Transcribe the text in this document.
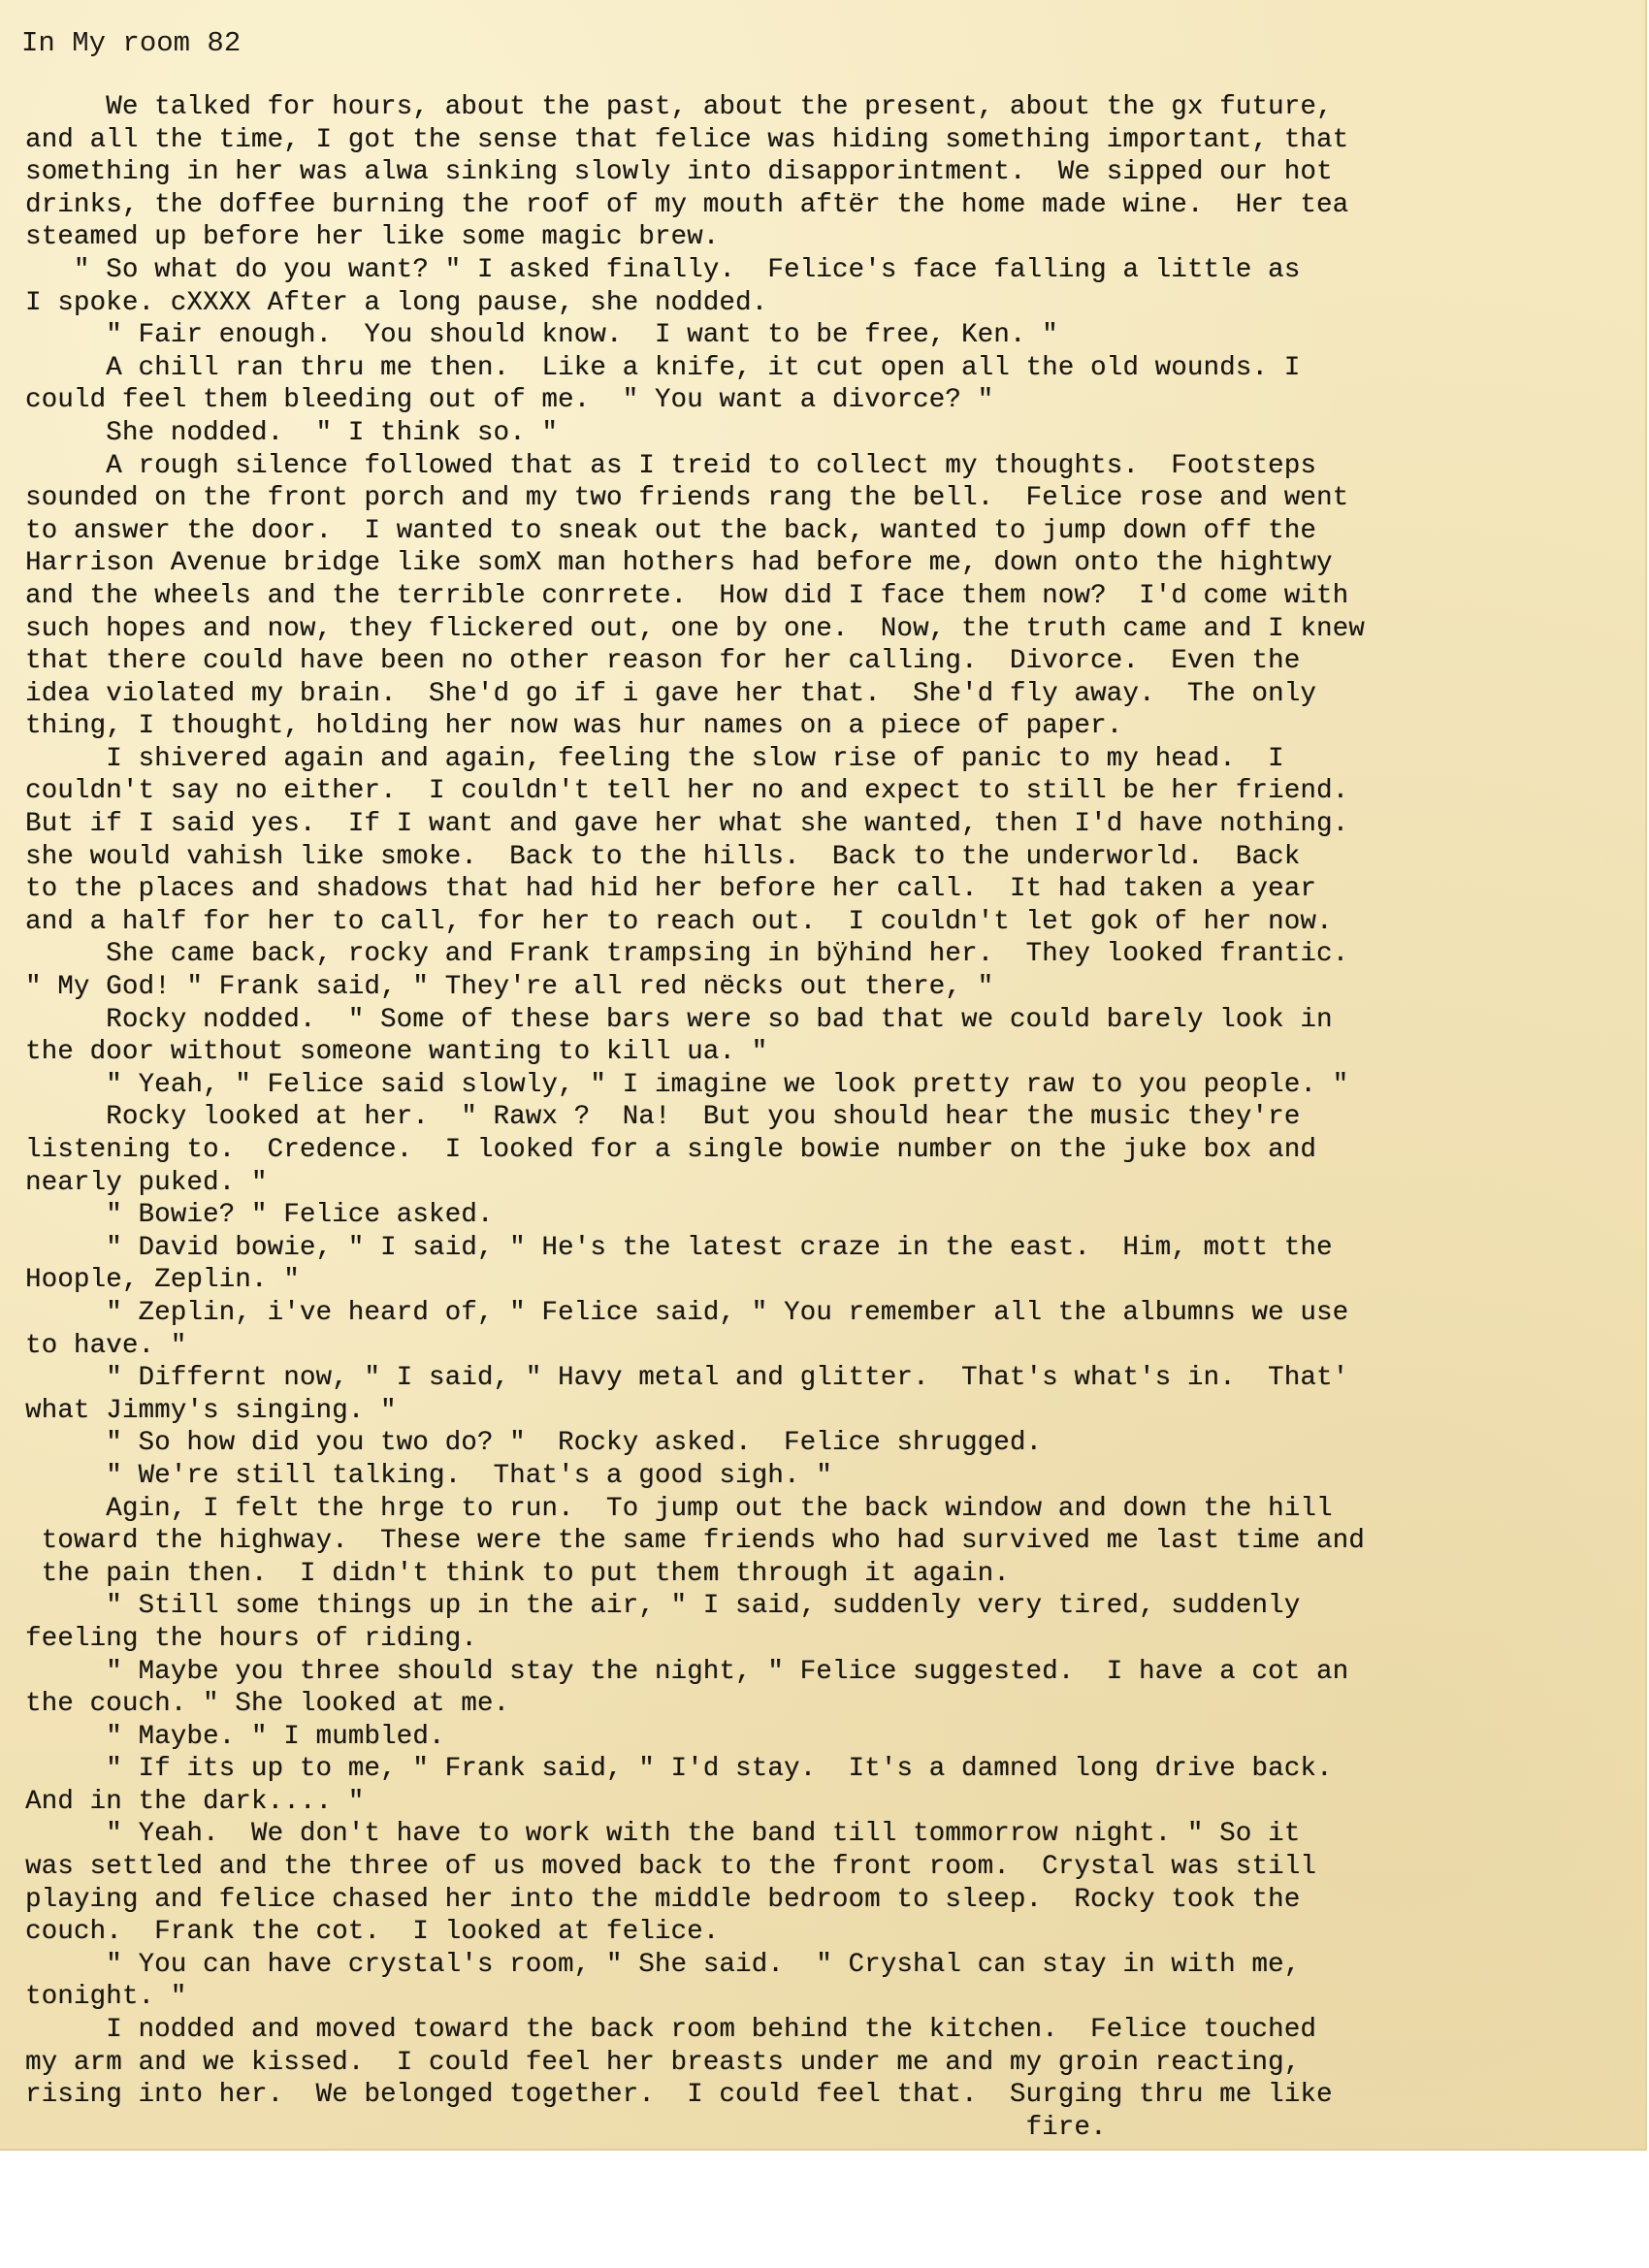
In My room 82
We talked for hours, about the past, about the present, about the gx future,
and all the time, I got the sense that felice was hiding something important, that
something in her was alwa sinking slowly into disapporintment.  We sipped our hot
drinks, the doffee burning the roof of my mouth aftër the home made wine.  Her tea
steamed up before her like some magic brew.
" So what do you want? " I asked finally.  Felice's face falling a little as
I spoke. cXXXX After a long pause, she nodded.
" Fair enough.  You should know.  I want to be free, Ken. "
A chill ran thru me then.  Like a knife, it cut open all the old wounds. I
could feel them bleeding out of me.  " You want a divorce? "
She nodded.  " I think so. "
A rough silence followed that as I treid to collect my thoughts.  Footsteps
sounded on the front porch and my two friends rang the bell.  Felice rose and went
to answer the door.  I wanted to sneak out the back, wanted to jump down off the
Harrison Avenue bridge like somX man hothers had before me, down onto the hightwy
and the wheels and the terrible conrrete.  How did I face them now?  I'd come with
such hopes and now, they flickered out, one by one.  Now, the truth came and I knew
that there could have been no other reason for her calling.  Divorce.  Even the
idea violated my brain.  She'd go if i gave her that.  She'd fly away.  The only
thing, I thought, holding her now was hur names on a piece of paper.
I shivered again and again, feeling the slow rise of panic to my head.  I
couldn't say no either.  I couldn't tell her no and expect to still be her friend.
But if I said yes.  If I want and gave her what she wanted, then I'd have nothing.
she would vahish like smoke.  Back to the hills.  Back to the underworld.  Back
to the places and shadows that had hid her before her call.  It had taken a year
and a half for her to call, for her to reach out.  I couldn't let gok of her now.
She came back, rocky and Frank trampsing in bÿhind her.  They looked frantic.
" My God! " Frank said, " They're all red nëcks out there, "
Rocky nodded.  " Some of these bars were so bad that we could barely look in
the door without someone wanting to kill ua. "
" Yeah, " Felice said slowly, " I imagine we look pretty raw to you people. "
Rocky looked at her.  " Rawx ?  Na!  But you should hear the music they're
listening to.  Credence.  I looked for a single bowie number on the juke box and
nearly puked. "
" Bowie? " Felice asked.
" David bowie, " I said, " He's the latest craze in the east.  Him, mott the
Hoople, Zeplin. "
" Zeplin, i've heard of, " Felice said, " You remember all the albumns we use
to have. "
" Differnt now, " I said, " Havy metal and glitter.  That's what's in.  That'
what Jimmy's singing. "
" So how did you two do? "  Rocky asked.  Felice shrugged.
" We're still talking.  That's a good sigh. "
Agin, I felt the hrge to run.  To jump out the back window and down the hill
toward the highway.  These were the same friends who had survived me last time and
the pain then.  I didn't think to put them through it again.
" Still some things up in the air, " I said, suddenly very tired, suddenly
feeling the hours of riding.
" Maybe you three should stay the night, " Felice suggested.  I have a cot an
the couch. " She looked at me.
" Maybe. " I mumbled.
" If its up to me, " Frank said, " I'd stay.  It's a damned long drive back.
And in the dark.... "
" Yeah.  We don't have to work with the band till tommorrow night. " So it
was settled and the three of us moved back to the front room.  Crystal was still
playing and felice chased her into the middle bedroom to sleep.  Rocky took the
couch.  Frank the cot.  I looked at felice.
" You can have crystal's room, " She said.  " Cryshal can stay in with me,
tonight. "
I nodded and moved toward the back room behind the kitchen.  Felice touched
my arm and we kissed.  I could feel her breasts under me and my groin reacting,
rising into her.  We belonged together.  I could feel that.  Surging thru me like
fire.
